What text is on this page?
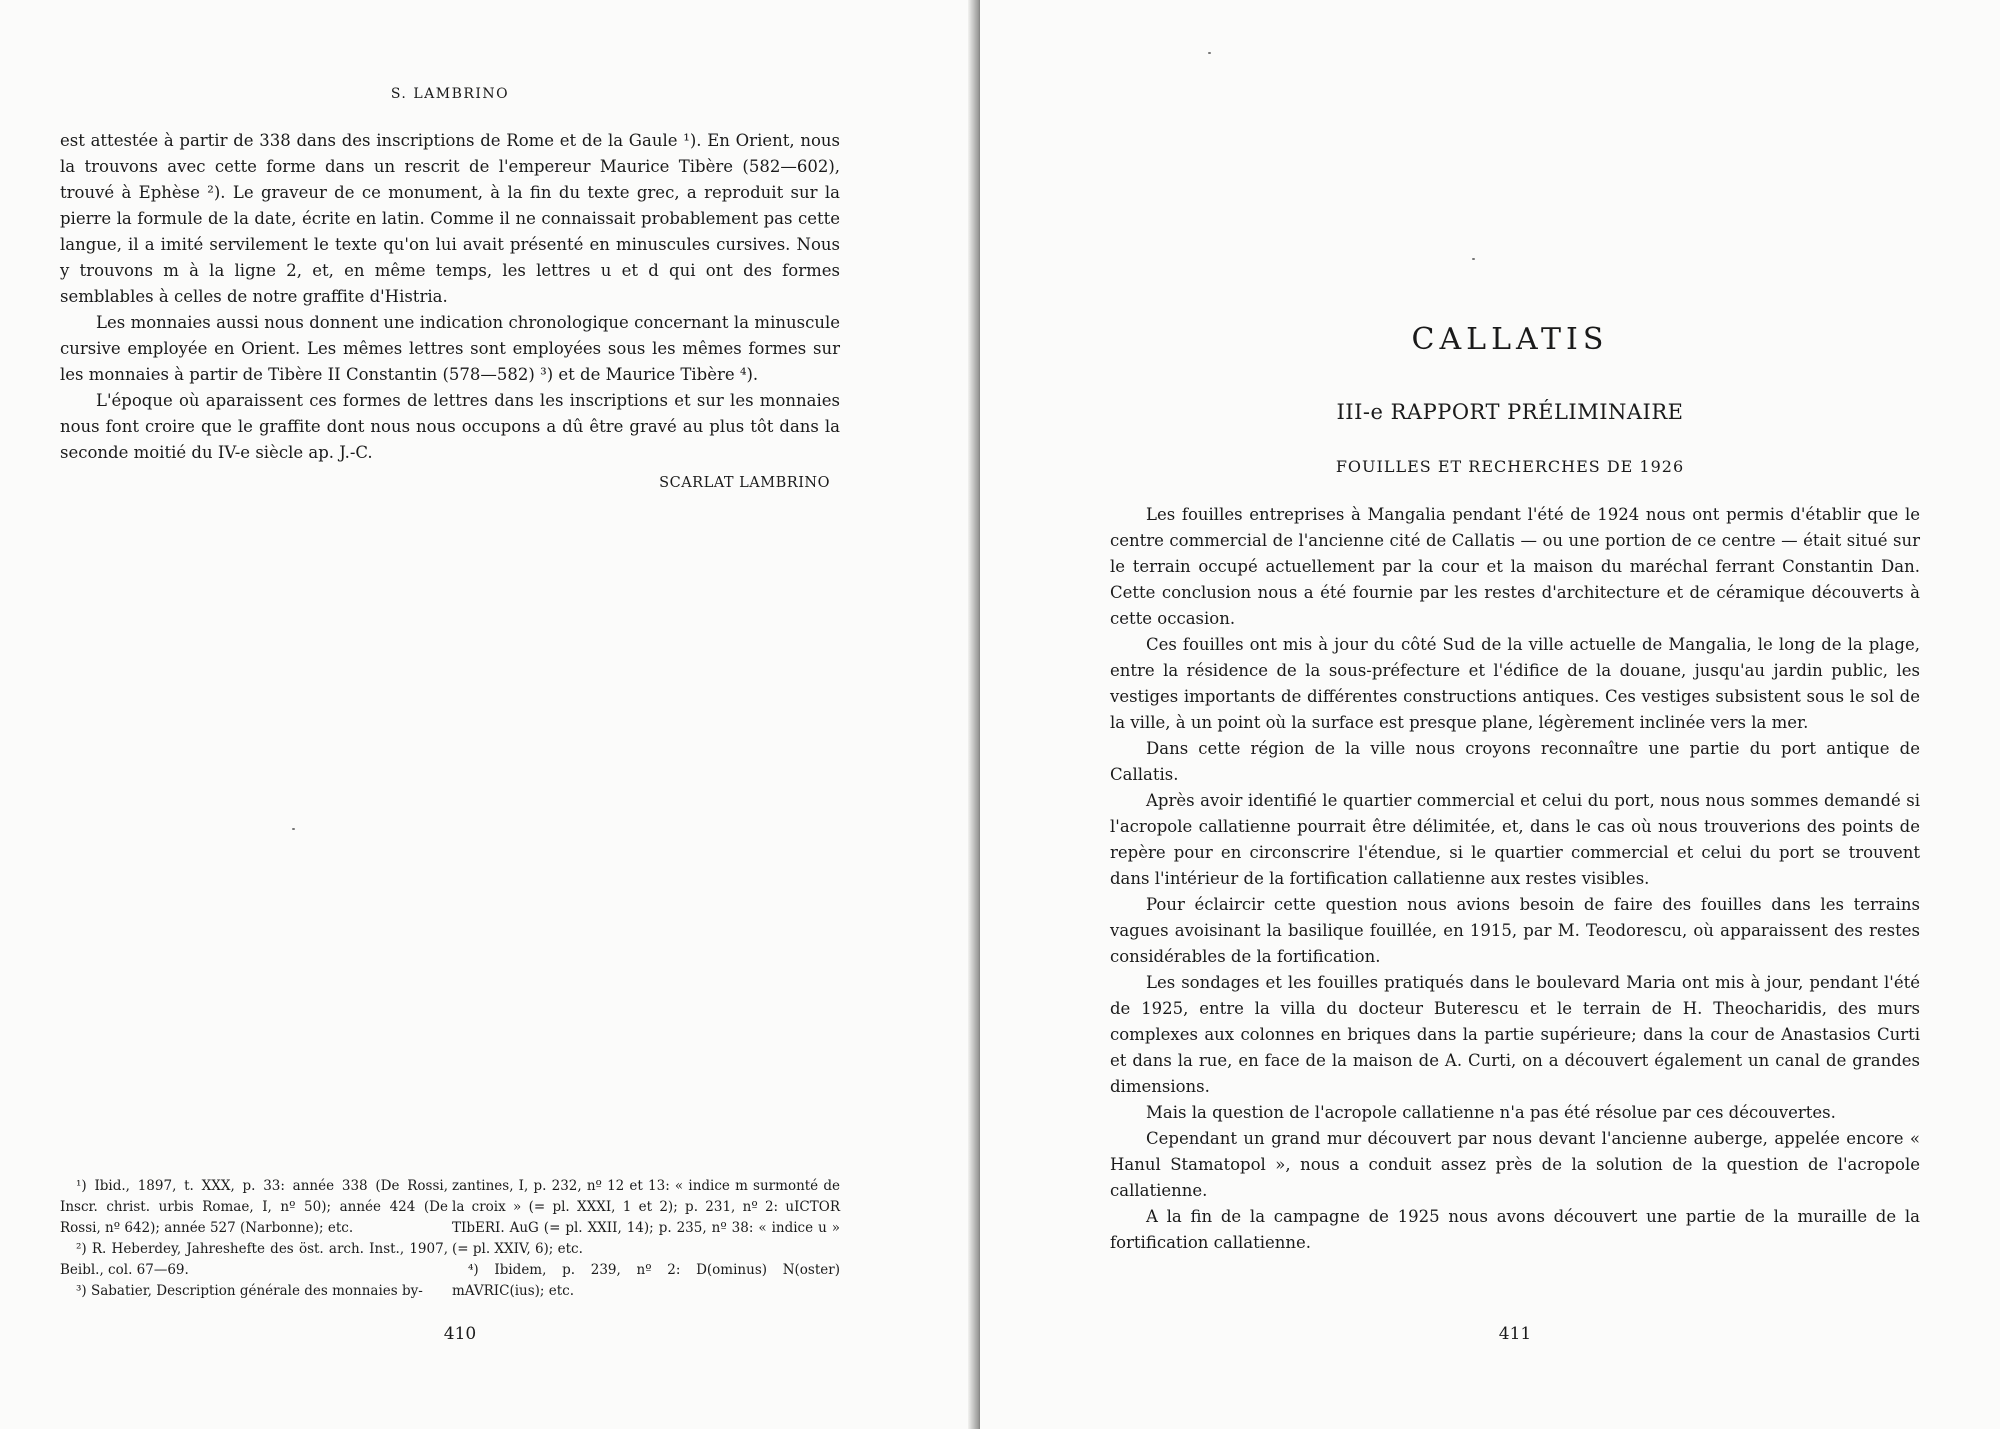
S. LAMBRINO

est attestée à partir de 338 dans des inscriptions de Rome et de la Gaule ¹). En Orient, nous la trouvons avec cette forme dans un rescrit de l'empereur Maurice Tibère (582—602), trouvé à Ephèse ²). Le graveur de ce monument, à la fin du texte grec, a reproduit sur la pierre la formule de la date, écrite en latin. Comme il ne connaissait probablement pas cette langue, il a imité servilement le texte qu'on lui avait présenté en minuscules cursives. Nous y trouvons m à la ligne 2, et, en même temps, les lettres u et d qui ont des formes semblables à celles de notre graffite d'Histria.

Les monnaies aussi nous donnent une indication chronologique concernant la minuscule cursive employée en Orient. Les mêmes lettres sont employées sous les mêmes formes sur les monnaies à partir de Tibère II Constantin (578—582) ³) et de Maurice Tibère ⁴).

L'époque où aparaissent ces formes de lettres dans les inscriptions et sur les monnaies nous font croire que le graffite dont nous nous occupons a dû être gravé au plus tôt dans la seconde moitié du IV-e siècle ap. J.-C.

SCARLAT LAMBRINO

¹) Ibid., 1897, t. XXX, p. 33: année 338 (De Rossi, Inscr. christ. urbis Romae, I, nº 50); année 424 (De Rossi, nº 642); année 527 (Narbonne); etc.

²) R. Heberdey, Jahreshefte des öst. arch. Inst., 1907, Beibl., col. 67—69.

³) Sabatier, Description générale des monnaies by-

zantines, I, p. 232, nº 12 et 13: « indice m surmonté de la croix » (= pl. XXXI, 1 et 2); p. 231, nº 2: uICTOR TIbERI. AuG (= pl. XXII, 14); p. 235, nº 38: « indice u » (= pl. XXIV, 6); etc.

⁴) Ibidem, p. 239, nº 2: D(ominus) N(oster) mAVRIC(ius); etc.

410
CALLATIS
III-e RAPPORT PRÉLIMINAIRE
FOUILLES ET RECHERCHES DE 1926

Les fouilles entreprises à Mangalia pendant l'été de 1924 nous ont permis d'établir que le centre commercial de l'ancienne cité de Callatis — ou une portion de ce centre — était situé sur le terrain occupé actuellement par la cour et la maison du maréchal ferrant Constantin Dan. Cette conclusion nous a été fournie par les restes d'architecture et de céramique découverts à cette occasion.

Ces fouilles ont mis à jour du côté Sud de la ville actuelle de Mangalia, le long de la plage, entre la résidence de la sous-préfecture et l'édifice de la douane, jusqu'au jardin public, les vestiges importants de différentes constructions antiques. Ces vestiges subsistent sous le sol de la ville, à un point où la surface est presque plane, légèrement inclinée vers la mer.

Dans cette région de la ville nous croyons reconnaître une partie du port antique de Callatis.

Après avoir identifié le quartier commercial et celui du port, nous nous sommes demandé si l'acropole callatienne pourrait être délimitée, et, dans le cas où nous trouverions des points de repère pour en circonscrire l'étendue, si le quartier commercial et celui du port se trouvent dans l'intérieur de la fortification callatienne aux restes visibles.

Pour éclaircir cette question nous avions besoin de faire des fouilles dans les terrains vagues avoisinant la basilique fouillée, en 1915, par M. Teodorescu, où apparaissent des restes considérables de la fortification.

Les sondages et les fouilles pratiqués dans le boulevard Maria ont mis à jour, pendant l'été de 1925, entre la villa du docteur Buterescu et le terrain de H. Theocharidis, des murs complexes aux colonnes en briques dans la partie supérieure; dans la cour de Anastasios Curti et dans la rue, en face de la maison de A. Curti, on a découvert également un canal de grandes dimensions.

Mais la question de l'acropole callatienne n'a pas été résolue par ces découvertes.

Cependant un grand mur découvert par nous devant l'ancienne auberge, appelée encore « Hanul Stamatopol », nous a conduit assez près de la solution de la question de l'acropole callatienne.

A la fin de la campagne de 1925 nous avons découvert une partie de la muraille de la fortification callatienne.

411
